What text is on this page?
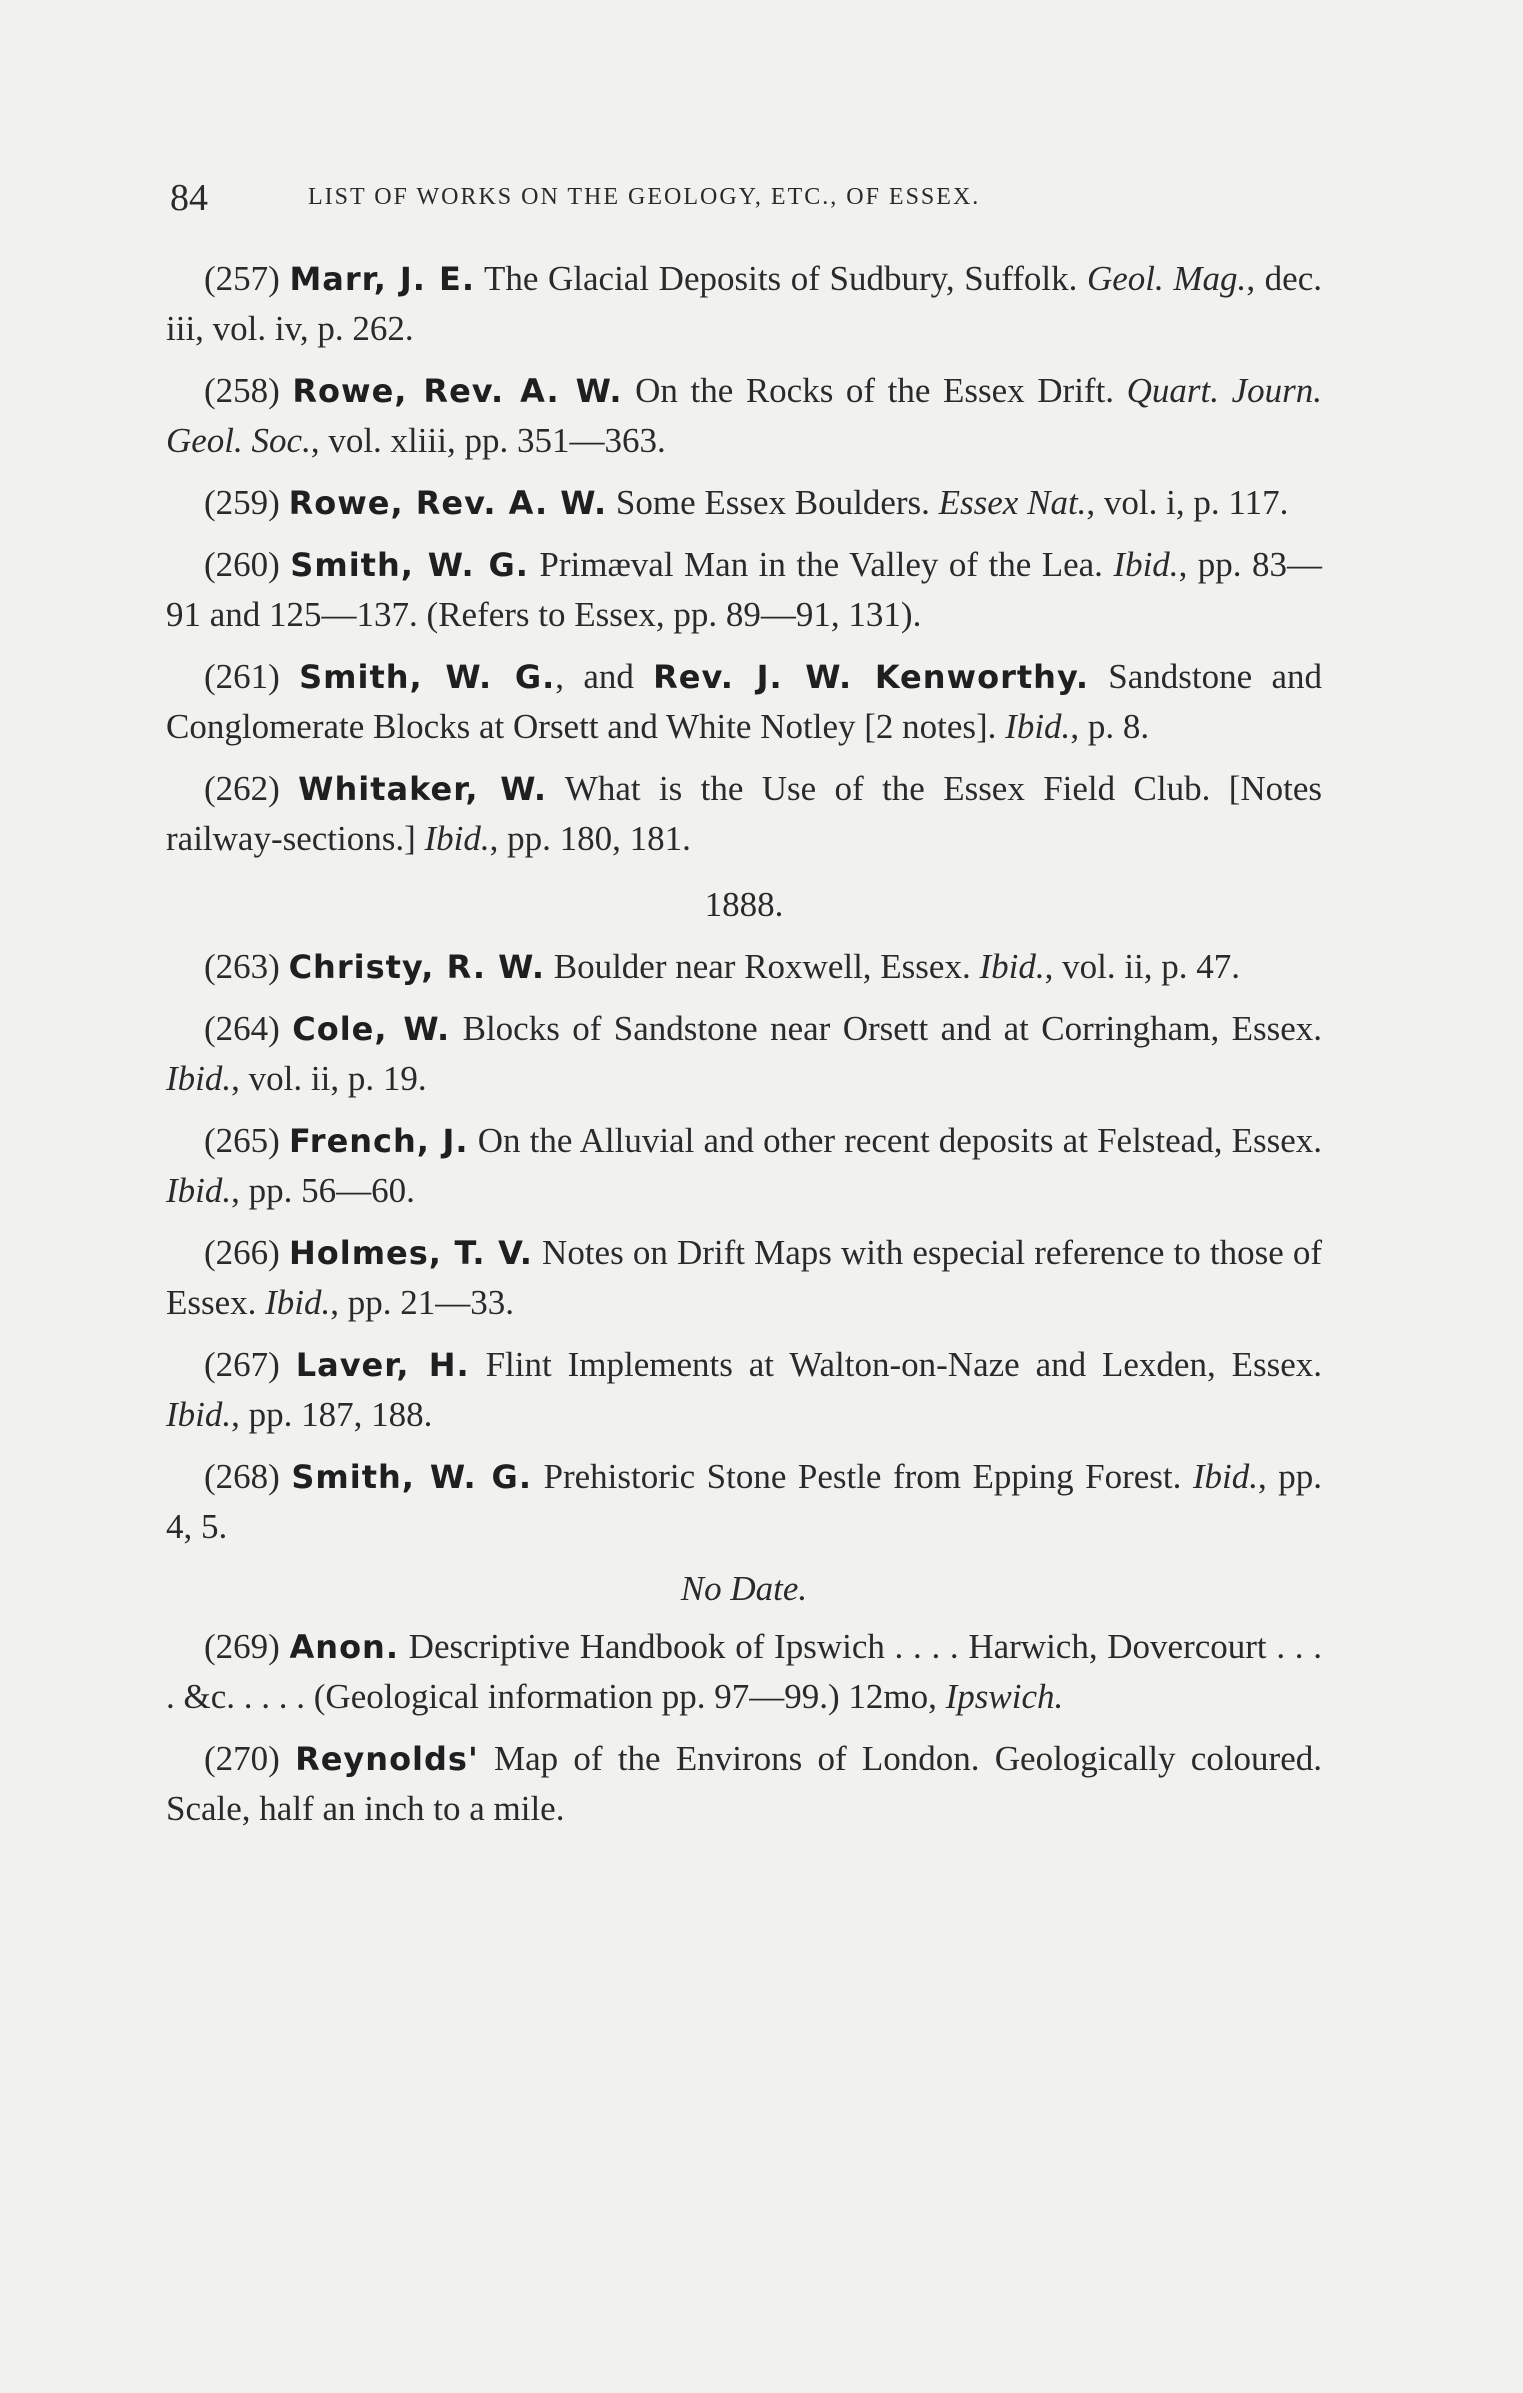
84	LIST OF WORKS ON THE GEOLOGY, ETC., OF ESSEX.

(257) Marr, J. E. The Glacial Deposits of Sudbury, Suffolk. Geol. Mag., dec. iii, vol. iv, p. 262.

(258) Rowe, Rev. A. W. On the Rocks of the Essex Drift. Quart. Journ. Geol. Soc., vol. xliii, pp. 351—363.

(259) Rowe, Rev. A. W. Some Essex Boulders. Essex Nat., vol. i, p. 117.

(260) Smith, W. G. Primæval Man in the Valley of the Lea. Ibid., pp. 83—91 and 125—137. (Refers to Essex, pp. 89—91, 131).

(261) Smith, W. G., and Rev. J. W. Kenworthy. Sandstone and Conglomerate Blocks at Orsett and White Notley [2 notes]. Ibid., p. 8.

(262) Whitaker, W. What is the Use of the Essex Field Club. [Notes railway-sections.] Ibid., pp. 180, 181.

1888.

(263) Christy, R. W. Boulder near Roxwell, Essex. Ibid., vol. ii, p. 47.

(264) Cole, W. Blocks of Sandstone near Orsett and at Corringham, Essex. Ibid., vol. ii, p. 19.

(265) French, J. On the Alluvial and other recent deposits at Felstead, Essex. Ibid., pp. 56—60.

(266) Holmes, T. V. Notes on Drift Maps with especial reference to those of Essex. Ibid., pp. 21—33.

(267) Laver, H. Flint Implements at Walton-on-Naze and Lexden, Essex. Ibid., pp. 187, 188.

(268) Smith, W. G. Prehistoric Stone Pestle from Epping Forest. Ibid., pp. 4, 5.

No Date.

(269) Anon. Descriptive Handbook of Ipswich . . . . Harwich, Dovercourt . . . . &c. . . . . (Geological information pp. 97—99.) 12mo, Ipswich.

(270) Reynolds' Map of the Environs of London. Geologically coloured. Scale, half an inch to a mile.
